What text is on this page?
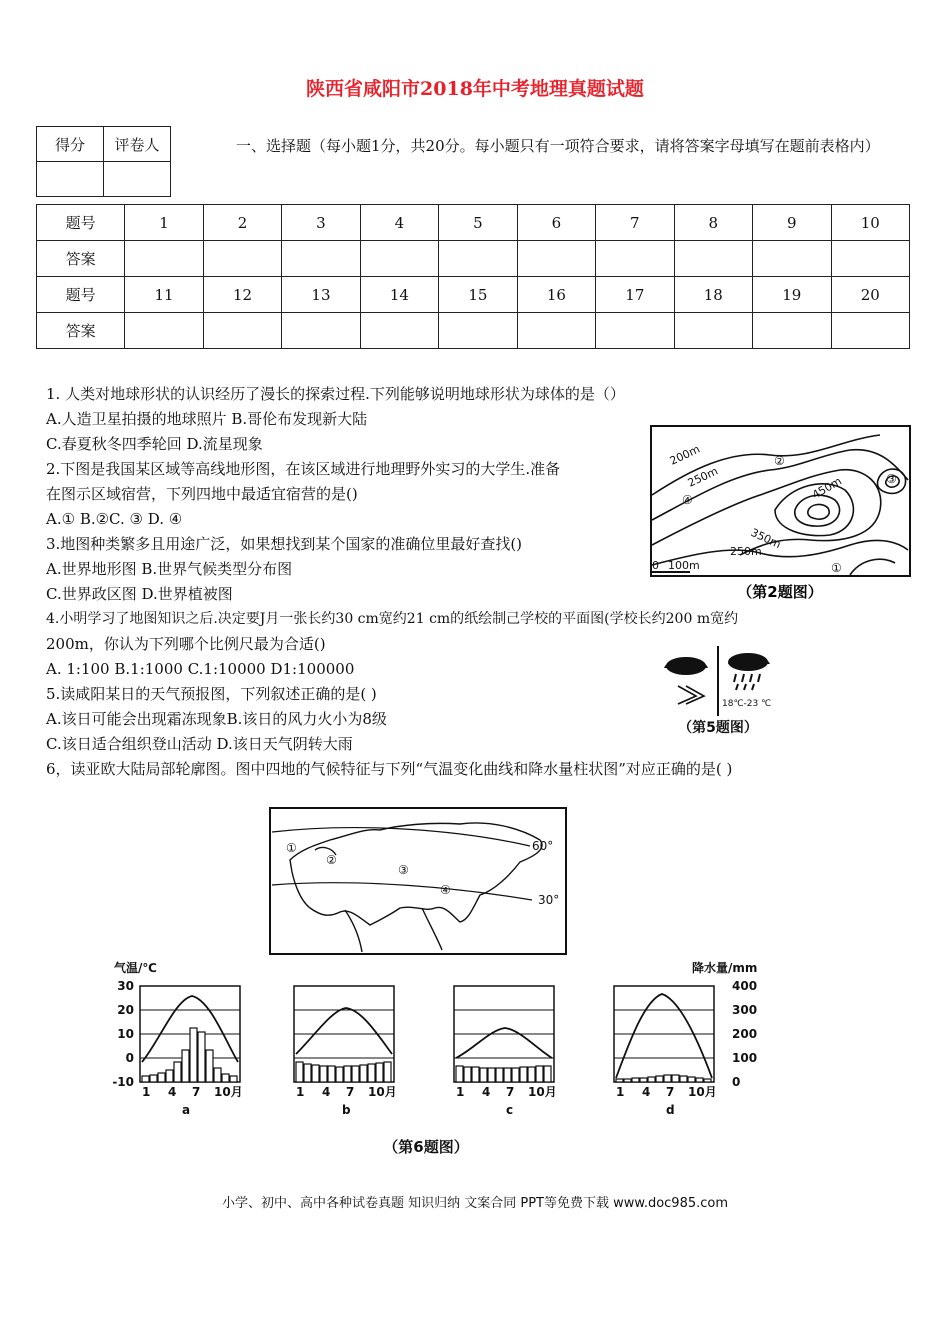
陕西省咸阳市2018年中考地理真题试题
得分	评卷人
		一、选择题（每小题1分，共20分。每小题只有一项符合要求，请将答案字母填写在题前表格内）
题号	1	2	3	4	5	6	7	8	9	10
答案										
题号	11	12	13	14	15	16	17	18	19	20
答案										
1. 人类对地球形状的认识经历了漫长的探索过程.下列能够说明地球形状为球体的是（）
A.人造卫星拍摄的地球照片 B.哥伦布发现新大陆
C.春夏秋冬四季轮回 D.流星现象
2.下图是我国某区域等高线地形图，在该区域进行地理野外实习的大学生.准备
在图示区域宿营，下列四地中最适宜宿营的是()
A.① B.②C. ③ D. ④
3.地图种类繁多且用途广泛，如果想找到某个国家的准确位里最好查找()
A.世界地形图 B.世界气候类型分布图
C.世界政区图 D.世界植被图
4.小明学习了地图知识之后.决定要J月一张长约30 cm宽约21 cm的纸绘制己学校的平面图(学校长约200 m宽约
200m，你认为下列哪个比例尺最为合适()
A. 1:100 B.1:1000 C.1:10000 D1:100000
5.读咸阳某日的天气预报图，下列叙述正确的是( )
A.该日可能会出现霜冻现象B.该日的风力火小为8级
C.该日适合组织登山活动 D.该日天气阴转大雨
6，读亚欧大陆局部轮廓图。图中四地的气候特征与下列“气温变化曲线和降水量柱状图”对应正确的是( )
200m
250m	450m
350m
250m
100m
0
②
③
④
①
（第2题图）
18℃-23 ℃
（第5题图）
60°
30°
①
②
③
④
气温/℃	降水量/mm
30
20
10
0
-10
400
300
200
100
0
1 4 7 10月
a
1 4 7 10月
b
1 4 7 10月
c
1 4 7 10月
d
（第6题图）
小学、初中、高中各种试卷真题 知识归纳 文案合同 PPT等免费下载 www.doc985.com
